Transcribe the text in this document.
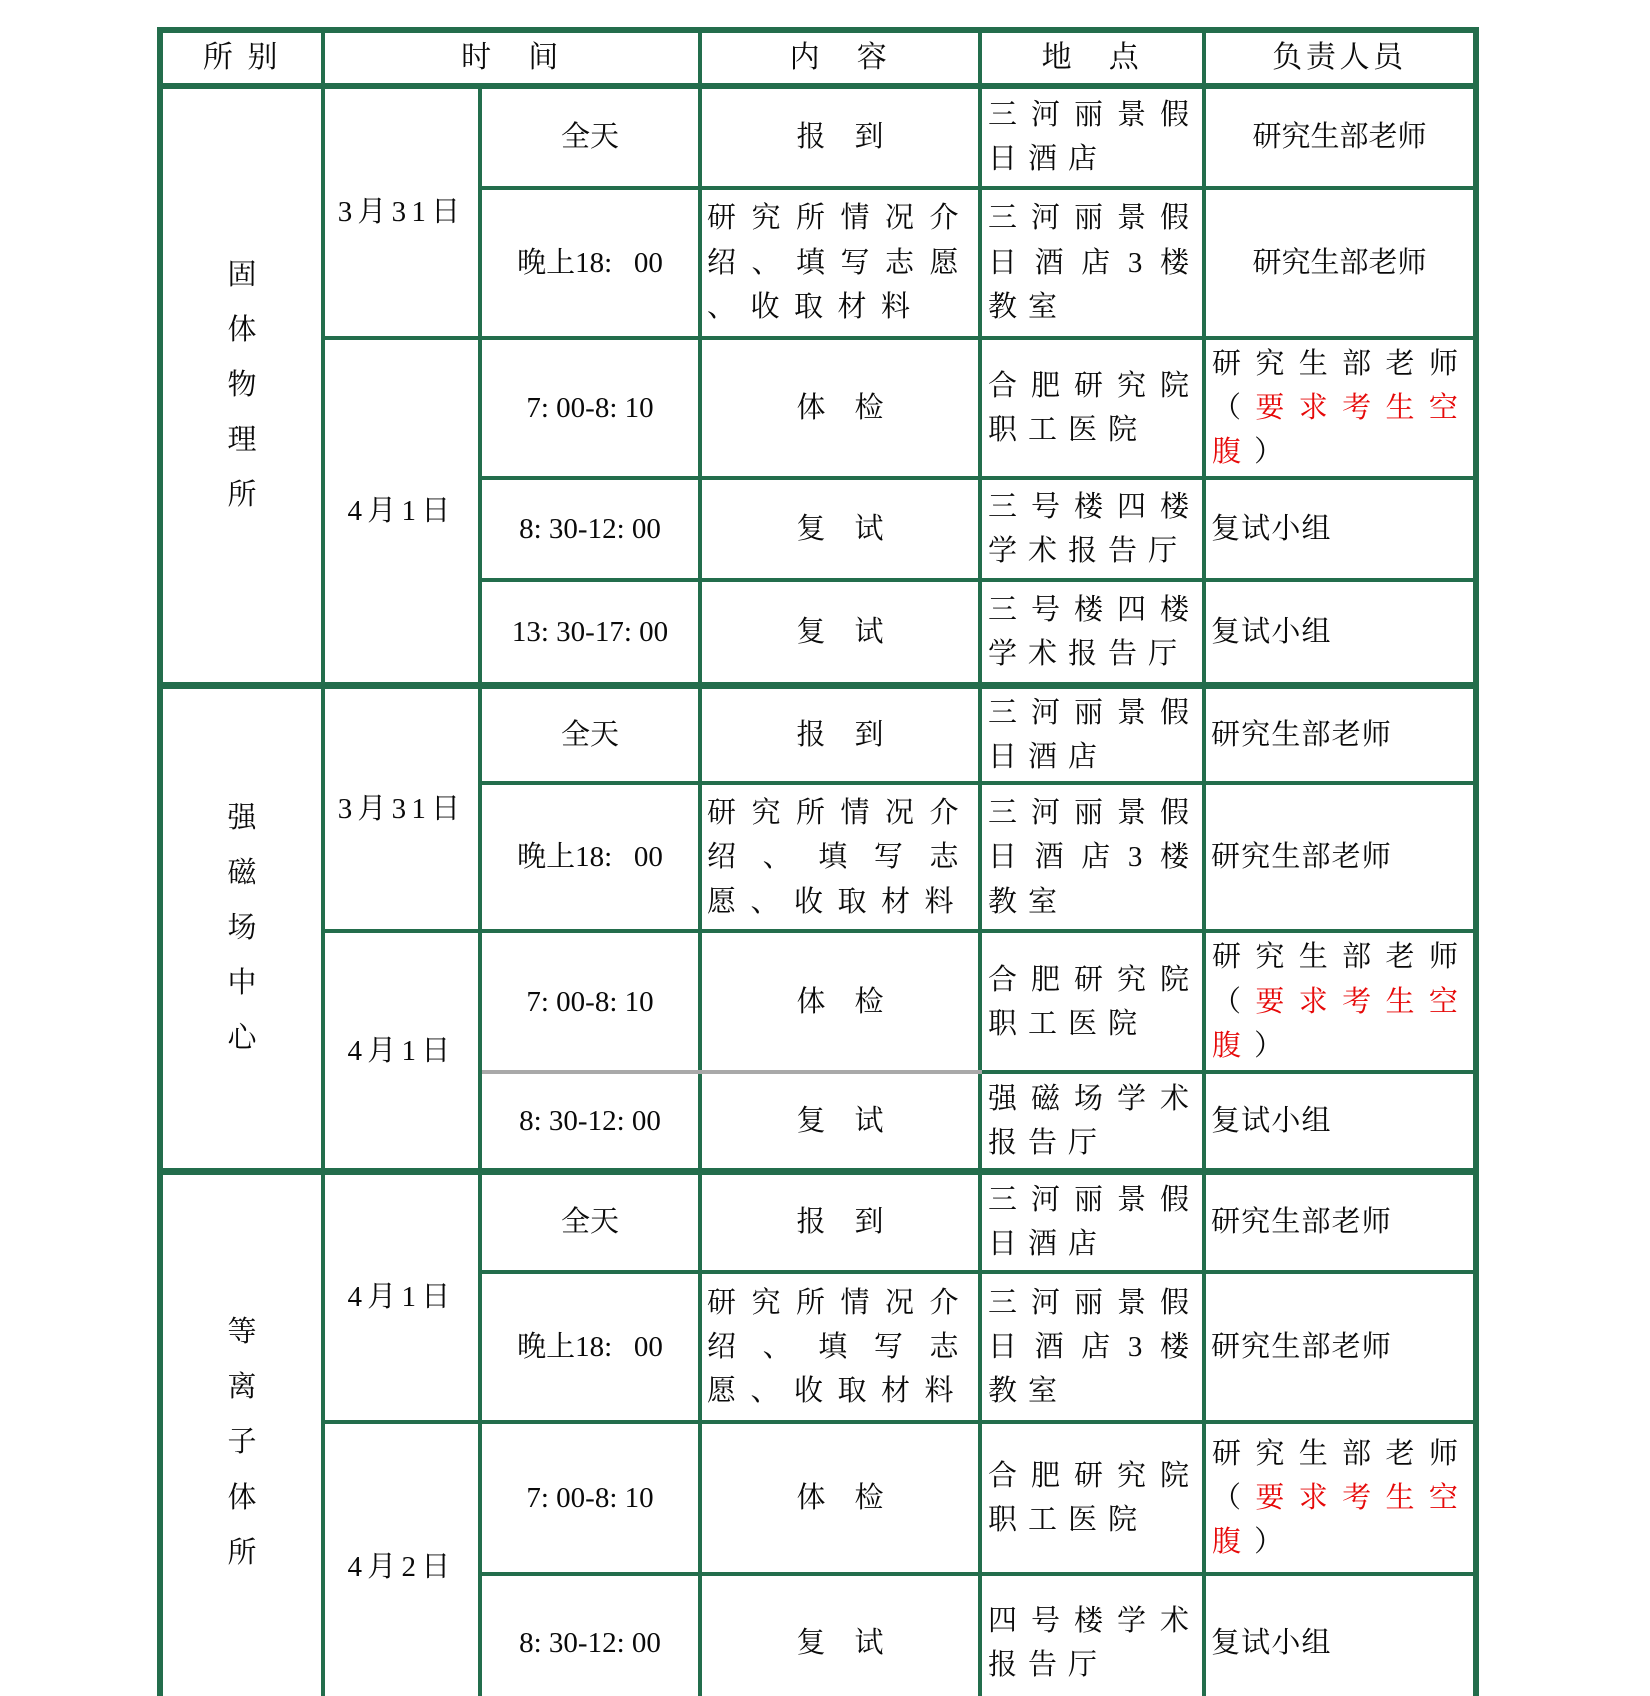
所 别	时　间		内　容	地　点	负责人员
固体物理所	3月31日	全天	报　到	三河丽景假日酒店	研究生部老师
		晚上18:   00	研究所情况介绍、填写志愿 、收取材料	三河丽景假日酒店3楼教室	研究生部老师
	4月1日	7: 00-8: 10	体　检	合肥研究院职工医院	研究生部老师（要求考生空腹）
		8: 30-12: 00	复　试	三号楼四楼学术报告厅	复试小组
		13: 30-17: 00	复　试	三号楼四楼学术报告厅	复试小组
强磁场中心	3月31日	全天	报　到	三河丽景假日酒店	研究生部老师
		晚上18:   00	研究所情况介绍、填写志愿、收取材料	三河丽景假日酒店3楼教室	研究生部老师
	4月1日	7: 00-8: 10	体　检	合肥研究院职工医院	研究生部老师（要求考生空腹）
		8: 30-12: 00	复　试	强磁场学术报告厅	复试小组
等离子体所	4月1日	全天	报　到	三河丽景假日酒店	研究生部老师
		晚上18:   00	研究所情况介绍、填写志愿、收取材料	三河丽景假日酒店3楼教室	研究生部老师
	4月2日	7: 00-8: 10	体　检	合肥研究院职工医院	研究生部老师（要求考生空腹）
		8: 30-12: 00	复　试	四号楼学术报告厅	复试小组
